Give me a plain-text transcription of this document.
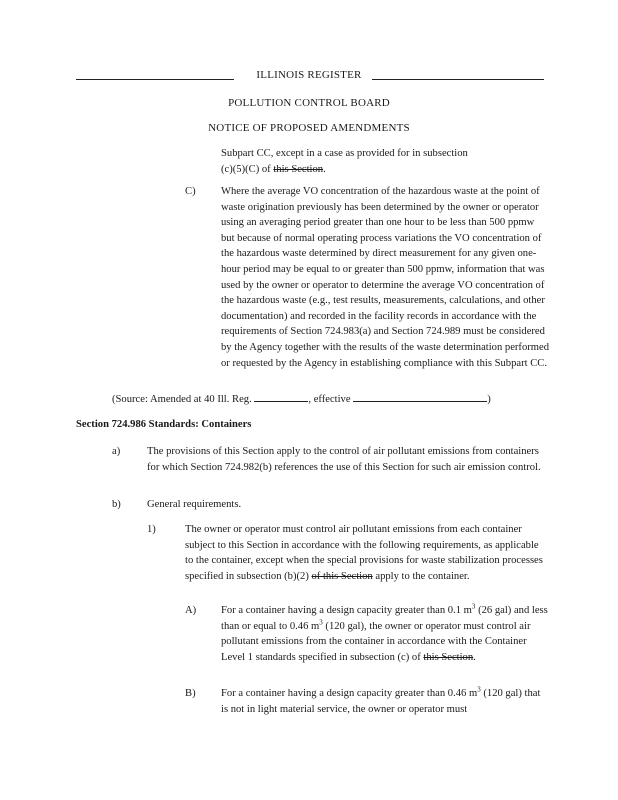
ILLINOIS REGISTER
POLLUTION CONTROL BOARD
NOTICE OF PROPOSED AMENDMENTS
Subpart CC, except in a case as provided for in subsection
(c)(5)(C) of this Section.
C) Where the average VO concentration of the hazardous waste at the point of waste origination previously has been determined by the owner or operator using an averaging period greater than one hour to be less than 500 ppmw but because of normal operating process variations the VO concentration of the hazardous waste determined by direct measurement for any given one-hour period may be equal to or greater than 500 ppmw, information that was used by the owner or operator to determine the average VO concentration of the hazardous waste (e.g., test results, measurements, calculations, and other documentation) and recorded in the facility records in accordance with the requirements of Section 724.983(a) and Section 724.989 must be considered by the Agency together with the results of the waste determination performed or requested by the Agency in establishing compliance with this Subpart CC.
(Source: Amended at 40 Ill. Reg.	, effective	)
Section 724.986 Standards: Containers
a)	The provisions of this Section apply to the control of air pollutant emissions from containers for which Section 724.982(b) references the use of this Section for such air emission control.
b) General requirements.
1)	The owner or operator must control air pollutant emissions from each container subject to this Section in accordance with the following requirements, as applicable to the container, except when the special provisions for waste stabilization processes specified in subsection (b)(2) of this Section apply to the container.
A) For a container having a design capacity greater than 0.1 $m^3$ (26 gal) and less than or equal to 0.46 $m^3$ (120 gal), the owner or operator must control air pollutant emissions from the container in accordance with the Container Level 1 standards specified in subsection (c) of this Section.
B) For a container having a design capacity greater than 0.46 $m^3$ (120 gal) that is not in light material service, the owner or operator must
